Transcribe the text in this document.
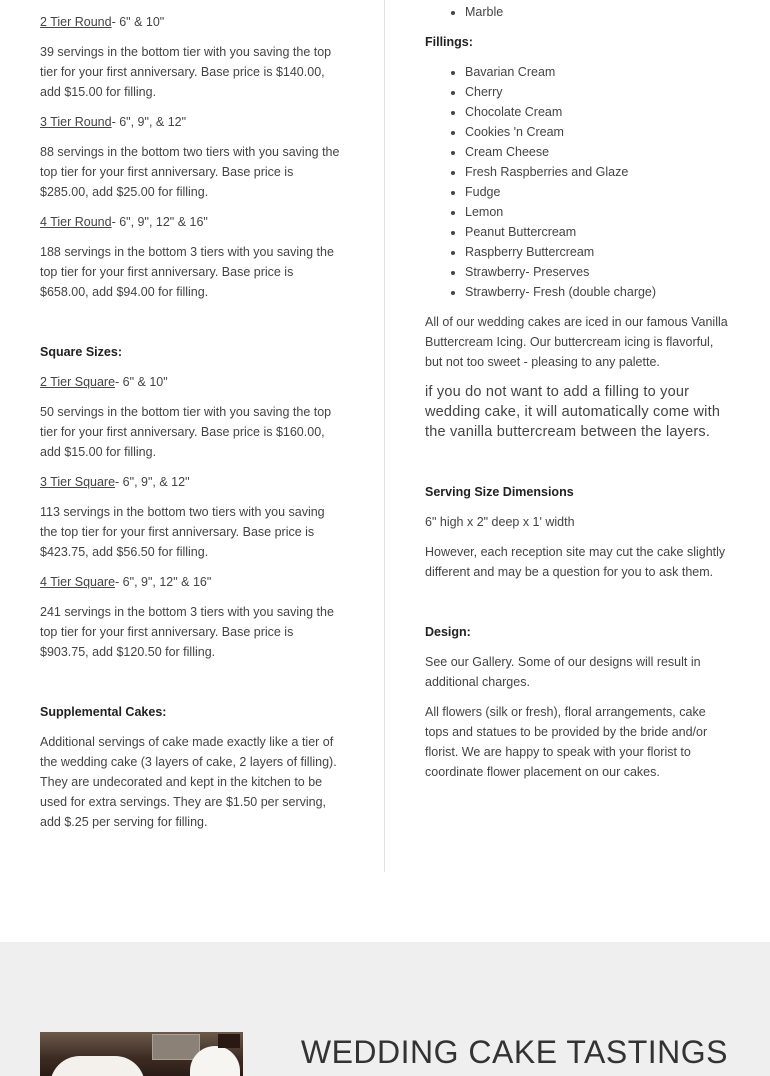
2 Tier Round- 6" & 10"

39 servings in the bottom tier with you saving the top tier for your first anniversary. Base price is $140.00, add $15.00 for filling.

3 Tier Round- 6", 9", & 12"

88 servings in the bottom two tiers with you saving the top tier for your first anniversary. Base price is $285.00, add $25.00 for filling.

4 Tier Round- 6", 9", 12" & 16"

188 servings in the bottom 3 tiers with you saving the top tier for your first anniversary. Base price is $658.00, add $94.00 for filling.

Square Sizes:

2 Tier Square- 6" & 10"

50 servings in the bottom tier with you saving the top tier for your first anniversary. Base price is $160.00, add $15.00 for filling.

3 Tier Square- 6", 9", & 12"

113 servings in the bottom two tiers with you saving the top tier for your first anniversary. Base price is $423.75, add $56.50 for filling.

4 Tier Square- 6", 9", 12" & 16"

241 servings in the bottom 3 tiers with you saving the top tier for your first anniversary. Base price is $903.75, add $120.50 for filling.

Supplemental Cakes:

Additional servings of cake made exactly like a tier of the wedding cake (3 layers of cake, 2 layers of filling). They are undecorated and kept in the kitchen to be used for extra servings. They are $1.50 per serving, add $.25 per serving for filling.

• Marble

Fillings:

• Bavarian Cream
• Cherry
• Chocolate Cream
• Cookies 'n Cream
• Cream Cheese
• Fresh Raspberries and Glaze
• Fudge
• Lemon
• Peanut Buttercream
• Raspberry Buttercream
• Strawberry- Preserves
• Strawberry- Fresh (double charge)

All of our wedding cakes are iced in our famous Vanilla Buttercream Icing. Our buttercream icing is flavorful, but not too sweet - pleasing to any palette.

if you do not want to add a filling to your wedding cake, it will automatically come with the vanilla buttercream between the layers.

Serving Size Dimensions

6" high x 2" deep x 1' width

However, each reception site may cut the cake slightly different and may be a question for you to ask them.

Design:

See our Gallery. Some of our designs will result in additional charges.

All flowers (silk or fresh), floral arrangements, cake tops and statues to be provided by the bride and/or florist. We are happy to speak with your florist to coordinate flower placement on our cakes.

WEDDING CAKE TASTINGS
